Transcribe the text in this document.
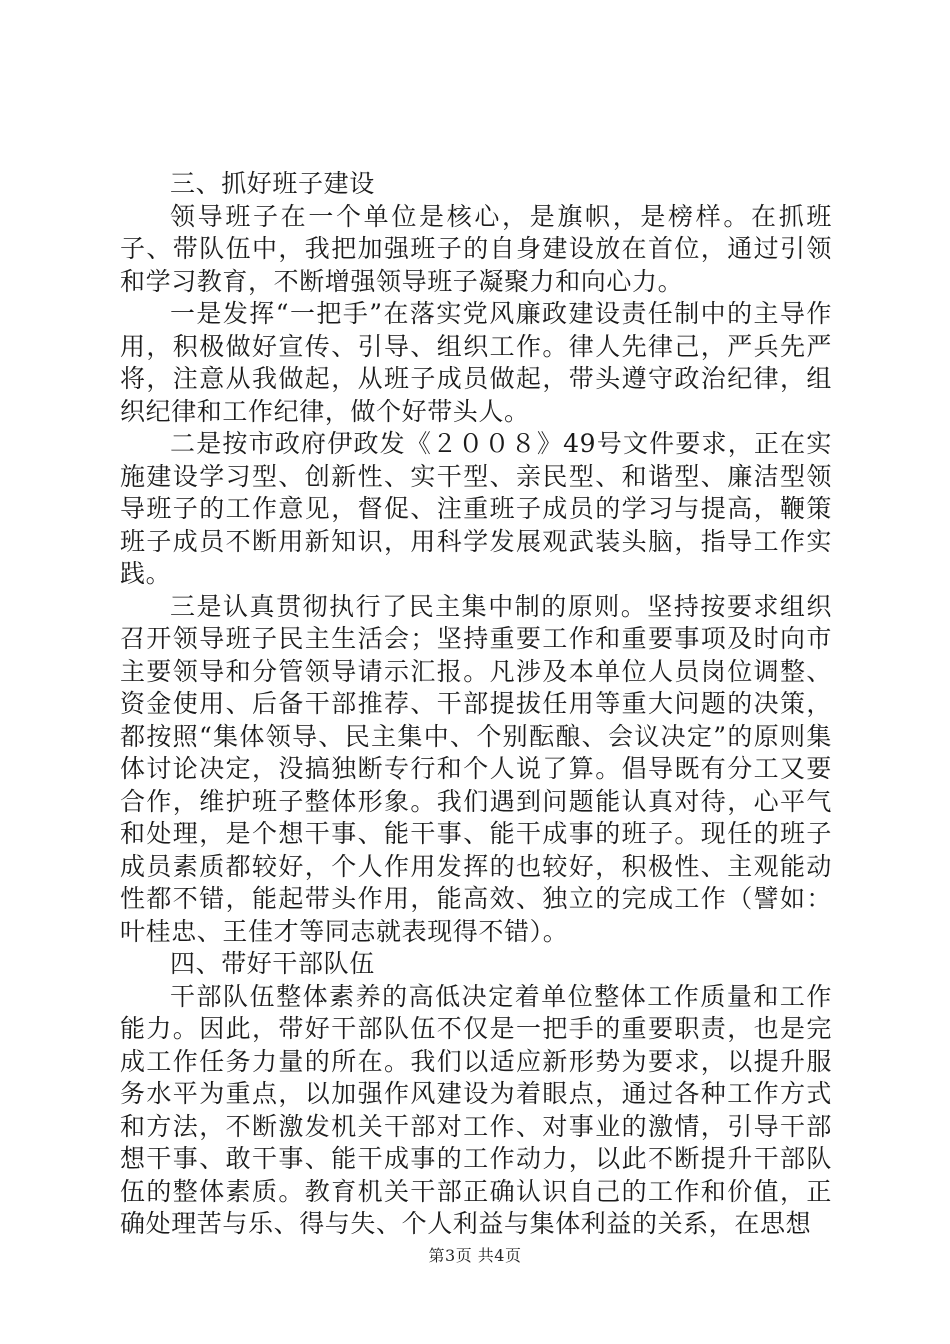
三、抓好班子建设

领导班子在一个单位是核心，是旗帜，是榜样。在抓班子、带队伍中，我把加强班子的自身建设放在首位，通过引领和学习教育，不断增强领导班子凝聚力和向心力。

一是发挥“一把手”在落实党风廉政建设责任制中的主导作用，积极做好宣传、引导、组织工作。律人先律己，严兵先严将，注意从我做起，从班子成员做起，带头遵守政治纪律，组织纪律和工作纪律，做个好带头人。

二是按市政府伊政发《２００８》49号文件要求，正在实施建设学习型、创新性、实干型、亲民型、和谐型、廉洁型领导班子的工作意见，督促、注重班子成员的学习与提高，鞭策班子成员不断用新知识，用科学发展观武装头脑，指导工作实践。

三是认真贯彻执行了民主集中制的原则。坚持按要求组织召开领导班子民主生活会；坚持重要工作和重要事项及时向市主要领导和分管领导请示汇报。凡涉及本单位人员岗位调整、资金使用、后备干部推荐、干部提拔任用等重大问题的决策，都按照“集体领导、民主集中、个别酝酿、会议决定”的原则集体讨论决定，没搞独断专行和个人说了算。倡导既有分工又要合作，维护班子整体形象。我们遇到问题能认真对待，心平气和处理，是个想干事、能干事、能干成事的班子。现任的班子成员素质都较好，个人作用发挥的也较好，积极性、主观能动性都不错，能起带头作用，能高效、独立的完成工作（譬如：叶桂忠、王佳才等同志就表现得不错）。

四、带好干部队伍

干部队伍整体素养的高低决定着单位整体工作质量和工作能力。因此，带好干部队伍不仅是一把手的重要职责，也是完成工作任务力量的所在。我们以适应新形势为要求，以提升服务水平为重点，以加强作风建设为着眼点，通过各种工作方式和方法，不断激发机关干部对工作、对事业的激情，引导干部想干事、敢干事、能干成事的工作动力，以此不断提升干部队伍的整体素质。教育机关干部正确认识自己的工作和价值，正确处理苦与乐、得与失、个人利益与集体利益的关系，在思想

第3页 共4页
